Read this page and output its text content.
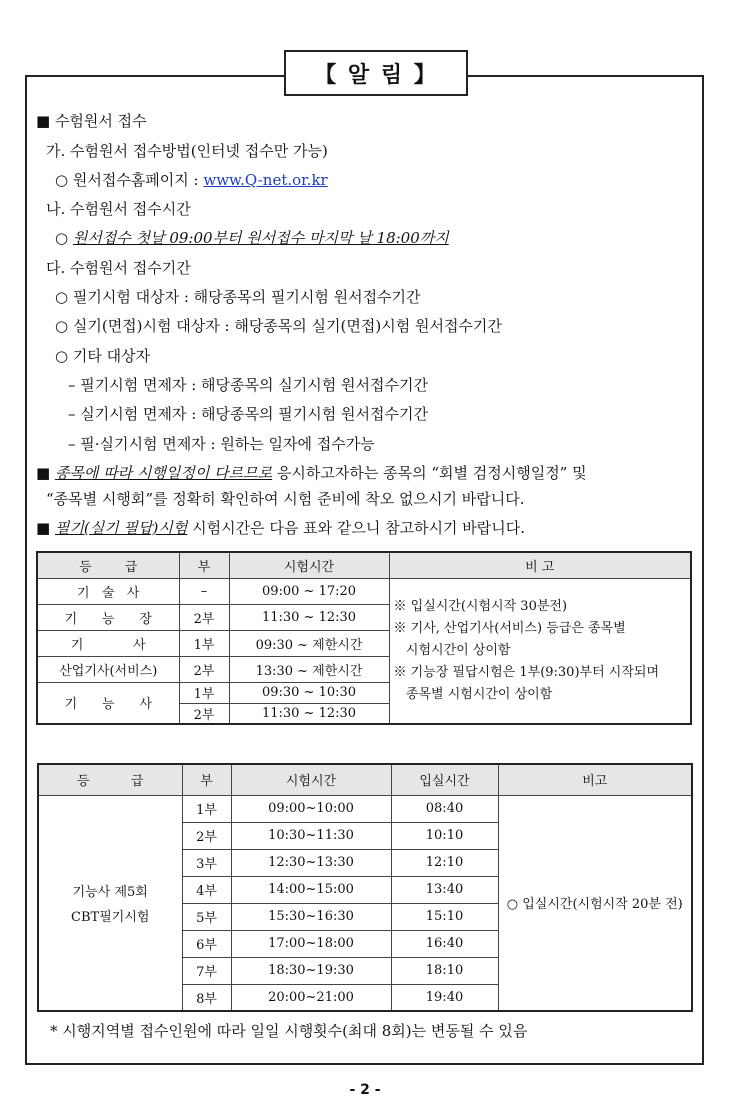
【 알 림 】
■ 수험원서 접수
가. 수험원서 접수방법(인터넷 접수만 가능)
○ 원서접수홈페이지 : www.Q-net.or.kr
나. 수험원서 접수시간
○ 원서접수 첫날 09:00부터 원서접수 마지막 날 18:00까지
다. 수험원서 접수기간
○ 필기시험 대상자 : 해당종목의 필기시험 원서접수기간
○ 실기(면접)시험 대상자 : 해당종목의 실기(면접)시험 원서접수기간
○ 기타 대상자
– 필기시험 면제자 : 해당종목의 실기시험 원서접수기간
– 실기시험 면제자 : 해당종목의 필기시험 원서접수기간
– 필·실기시험 면제자 : 원하는 일자에 접수가능
■ 종목에 따라 시행일정이 다르므로 응시하고자하는 종목의 “회별 검정시행일정” 및
“종목별 시행회”를 정확히 확인하여 시험 준비에 착오 없으시기 바랍니다.
■ 필기(실기 필답)시험 시험시간은 다음 표와 같으니 참고하시기 바랍니다.
등        급	부	시험시간	비 고
기   술   사	–	09:00 ~ 17:20	※ 입실시간(시험시작 30분전)
※ 기사, 산업기사(서비스) 등급은 종목별
시험시간이 상이함
※ 기능장 필답시험은 1부(9:30)부터 시작되며
종목별 시험시간이 상이함

기      능      장	2부	11:30 ~ 12:30	
기            사	1부	09:30 ~ 제한시간	
산업기사(서비스)	2부	13:30 ~ 제한시간	
기      능      사	1부	09:30 ~ 10:30	
	2부	11:30 ~ 12:30	
등          급	부	시험시간	입실시간	비고

기능사 제5회
CBT필기시험	1부	09:00~10:00	08:40	○ 입실시간(시험시작 20분 전)
	2부	10:30~11:30	10:10	
	3부	12:30~13:30	12:10	
	4부	14:00~15:00	13:40	
	5부	15:30~16:30	15:10	
	6부	17:00~18:00	16:40	
	7부	18:30~19:30	18:10	
	8부	20:00~21:00	19:40	
* 시행지역별 접수인원에 따라 일일 시행횟수(최대 8회)는 변동될 수 있음
- 2 -
